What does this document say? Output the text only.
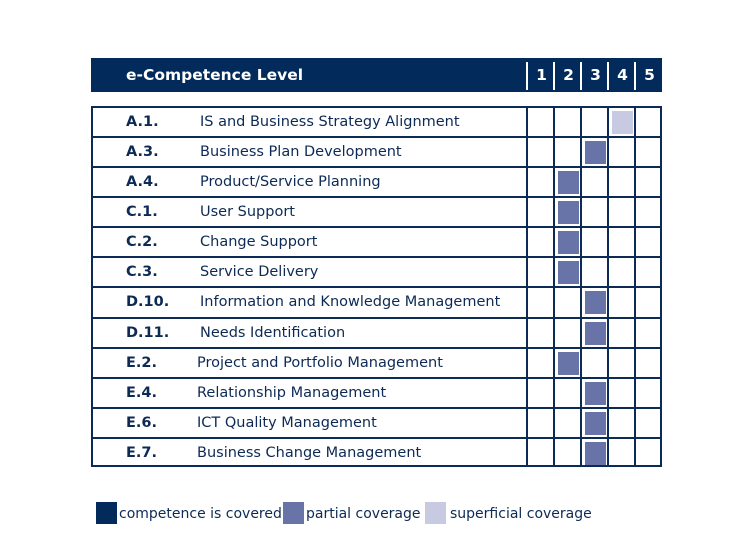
e-Competence Level	1	2	3	4	5
A.1.	IS and Business Strategy Alignment
A.3.	Business Plan Development
A.4.	Product/Service Planning
C.1.	User Support
C.2.	Change Support
C.3.	Service Delivery
D.10. Information and Knowledge Management
D.11. Needs Identification
E.2.	Project and Portfolio Management
E.4.	Relationship Management
E.6.	ICT Quality Management
E.7.	Business Change Management
competence is covered partial coverage superficial coverage
